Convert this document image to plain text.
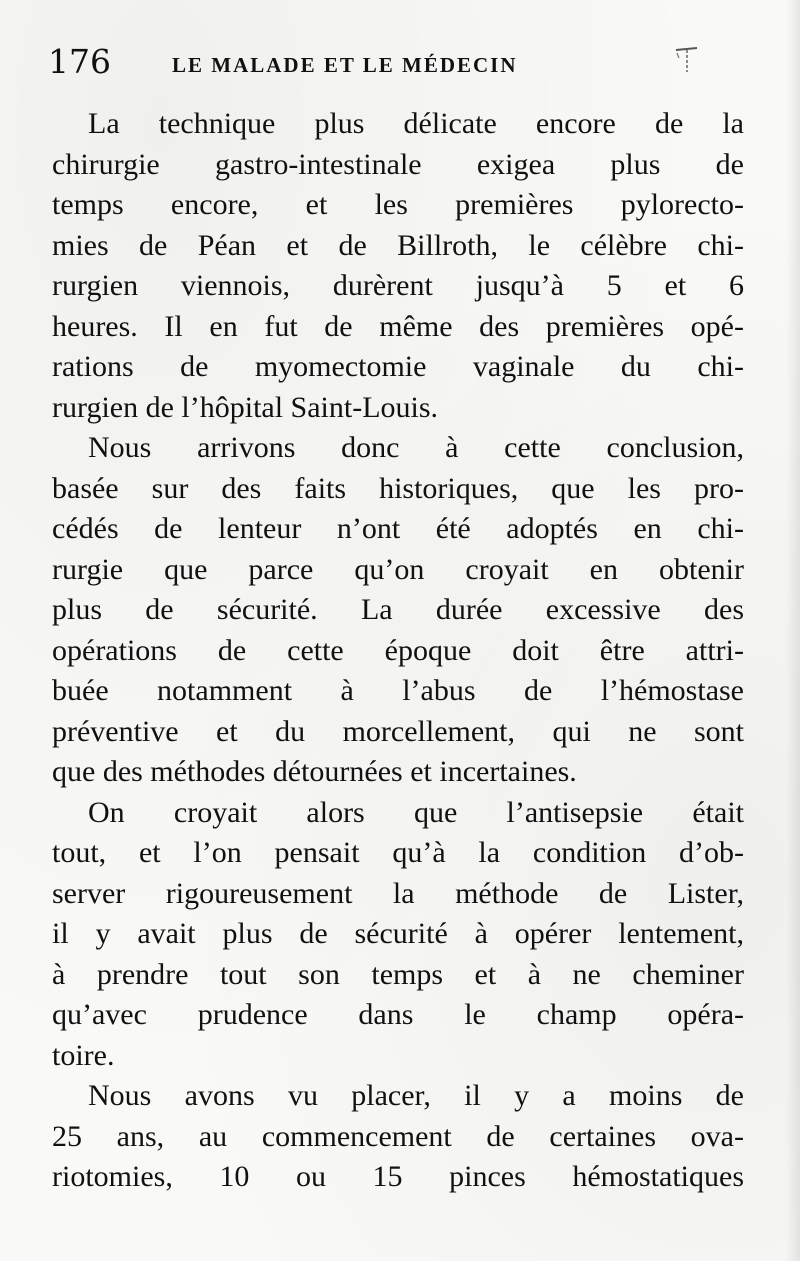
176	LE MALADE ET LE MÉDECIN
La technique plus délicate encore de la
chirurgie gastro-intestinale exigea plus de
temps encore, et les premières pylorecto-
mies de Péan et de Billroth, le célèbre chi-
rurgien viennois, durèrent jusqu’à 5 et 6
heures. Il en fut de même des premières opé-
rations de myomectomie vaginale du chi-
rurgien de l’hôpital Saint-Louis.
Nous arrivons donc à cette conclusion,
basée sur des faits historiques, que les pro-
cédés de lenteur n’ont été adoptés en chi-
rurgie que parce qu’on croyait en obtenir
plus de sécurité. La durée excessive des
opérations de cette époque doit être attri-
buée notamment à l’abus de l’hémostase
préventive et du morcellement, qui ne sont
que des méthodes détournées et incertaines.
On croyait alors que l’antisepsie était
tout, et l’on pensait qu’à la condition d’ob-
server rigoureusement la méthode de Lister,
il y avait plus de sécurité à opérer lentement,
à prendre tout son temps et à ne cheminer
qu’avec prudence dans le champ opéra-
toire.
Nous avons vu placer, il y a moins de
25 ans, au commencement de certaines ova-
riotomies, 10 ou 15 pinces hémostatiques
